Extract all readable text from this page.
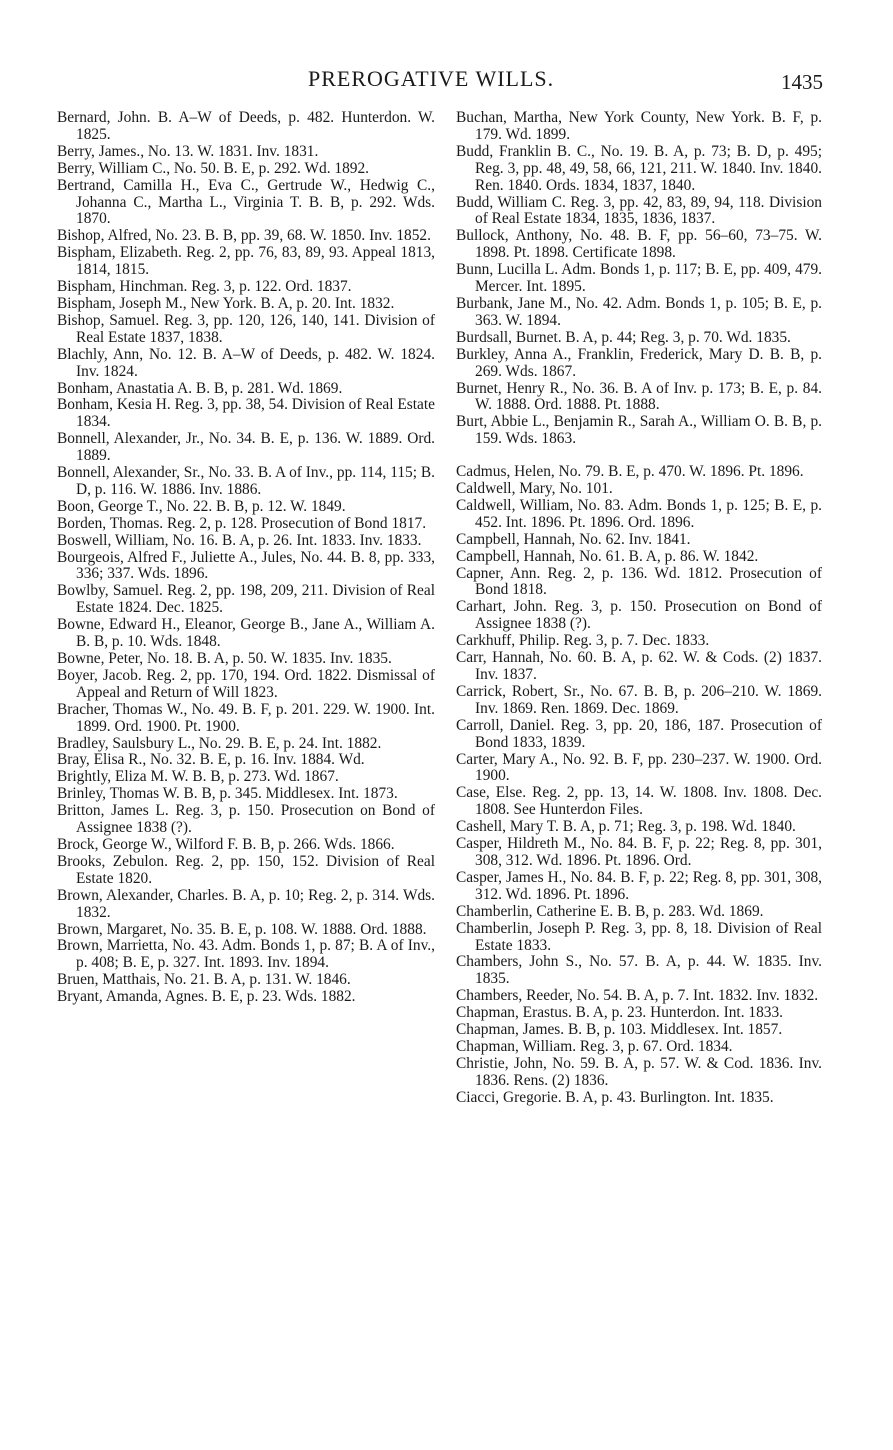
PREROGATIVE WILLS.	1435

Bernard, John. B. A–W of Deeds, p. 482. Hunterdon. W. 1825.

Berry, James., No. 13. W. 1831. Inv. 1831.

Berry, William C., No. 50. B. E, p. 292. Wd. 1892.

Bertrand, Camilla H., Eva C., Gertrude W., Hedwig C., Johanna C., Martha L., Virginia T. B. B, p. 292. Wds. 1870.

Bishop, Alfred, No. 23. B. B, pp. 39, 68. W. 1850. Inv. 1852.

Bispham, Elizabeth. Reg. 2, pp. 76, 83, 89, 93. Appeal 1813, 1814, 1815.

Bispham, Hinchman. Reg. 3, p. 122. Ord. 1837.

Bispham, Joseph M., New York. B. A, p. 20. Int. 1832.

Bishop, Samuel. Reg. 3, pp. 120, 126, 140, 141. Division of Real Estate 1837, 1838.

Blachly, Ann, No. 12. B. A–W of Deeds, p. 482. W. 1824. Inv. 1824.

Bonham, Anastatia A. B. B, p. 281. Wd. 1869.

Bonham, Kesia H. Reg. 3, pp. 38, 54. Division of Real Estate 1834.

Bonnell, Alexander, Jr., No. 34. B. E, p. 136. W. 1889. Ord. 1889.

Bonnell, Alexander, Sr., No. 33. B. A of Inv., pp. 114, 115; B. D, p. 116. W. 1886. Inv. 1886.

Boon, George T., No. 22. B. B, p. 12. W. 1849.

Borden, Thomas. Reg. 2, p. 128. Prosecution of Bond 1817.

Boswell, William, No. 16. B. A, p. 26. Int. 1833. Inv. 1833.

Bourgeois, Alfred F., Juliette A., Jules, No. 44. B. 8, pp. 333, 336; 337. Wds. 1896.

Bowlby, Samuel. Reg. 2, pp. 198, 209, 211. Division of Real Estate 1824. Dec. 1825.

Bowne, Edward H., Eleanor, George B., Jane A., William A. B. B, p. 10. Wds. 1848.

Bowne, Peter, No. 18. B. A, p. 50. W. 1835. Inv. 1835.

Boyer, Jacob. Reg. 2, pp. 170, 194. Ord. 1822. Dismissal of Appeal and Return of Will 1823.

Bracher, Thomas W., No. 49. B. F, p. 201. 229. W. 1900. Int. 1899. Ord. 1900. Pt. 1900.

Bradley, Saulsbury L., No. 29. B. E, p. 24. Int. 1882.

Bray, Elisa R., No. 32. B. E, p. 16. Inv. 1884. Wd.

Brightly, Eliza M. W. B. B, p. 273. Wd. 1867.

Brinley, Thomas W. B. B, p. 345. Middlesex. Int. 1873.

Britton, James L. Reg. 3, p. 150. Prosecution on Bond of Assignee 1838 (?).

Brock, George W., Wilford F. B. B, p. 266. Wds. 1866.

Brooks, Zebulon. Reg. 2, pp. 150, 152. Division of Real Estate 1820.

Brown, Alexander, Charles. B. A, p. 10; Reg. 2, p. 314. Wds. 1832.

Brown, Margaret, No. 35. B. E, p. 108. W. 1888. Ord. 1888.

Brown, Marrietta, No. 43. Adm. Bonds 1, p. 87; B. A of Inv., p. 408; B. E, p. 327. Int. 1893. Inv. 1894.

Bruen, Matthais, No. 21. B. A, p. 131. W. 1846.

Bryant, Amanda, Agnes. B. E, p. 23. Wds. 1882.

Buchan, Martha, New York County, New York. B. F, p. 179. Wd. 1899.

Budd, Franklin B. C., No. 19. B. A, p. 73; B. D, p. 495; Reg. 3, pp. 48, 49, 58, 66, 121, 211. W. 1840. Inv. 1840. Ren. 1840. Ords. 1834, 1837, 1840.

Budd, William C. Reg. 3, pp. 42, 83, 89, 94, 118. Division of Real Estate 1834, 1835, 1836, 1837.

Bullock, Anthony, No. 48. B. F, pp. 56–60, 73–75. W. 1898. Pt. 1898. Certificate 1898.

Bunn, Lucilla L. Adm. Bonds 1, p. 117; B. E, pp. 409, 479. Mercer. Int. 1895.

Burbank, Jane M., No. 42. Adm. Bonds 1, p. 105; B. E, p. 363. W. 1894.

Burdsall, Burnet. B. A, p. 44; Reg. 3, p. 70. Wd. 1835.

Burkley, Anna A., Franklin, Frederick, Mary D. B. B, p. 269. Wds. 1867.

Burnet, Henry R., No. 36. B. A of Inv. p. 173; B. E, p. 84. W. 1888. Ord. 1888. Pt. 1888.

Burt, Abbie L., Benjamin R., Sarah A., William O. B. B, p. 159. Wds. 1863.

Cadmus, Helen, No. 79. B. E, p. 470. W. 1896. Pt. 1896.

Caldwell, Mary, No. 101.

Caldwell, William, No. 83. Adm. Bonds 1, p. 125; B. E, p. 452. Int. 1896. Pt. 1896. Ord. 1896.

Campbell, Hannah, No. 62. Inv. 1841.

Campbell, Hannah, No. 61. B. A, p. 86. W. 1842.

Capner, Ann. Reg. 2, p. 136. Wd. 1812. Prosecution of Bond 1818.

Carhart, John. Reg. 3, p. 150. Prosecution on Bond of Assignee 1838 (?).

Carkhuff, Philip. Reg. 3, p. 7. Dec. 1833.

Carr, Hannah, No. 60. B. A, p. 62. W. & Cods. (2) 1837. Inv. 1837.

Carrick, Robert, Sr., No. 67. B. B, p. 206–210. W. 1869. Inv. 1869. Ren. 1869. Dec. 1869.

Carroll, Daniel. Reg. 3, pp. 20, 186, 187. Prosecution of Bond 1833, 1839.

Carter, Mary A., No. 92. B. F, pp. 230–237. W. 1900. Ord. 1900.

Case, Else. Reg. 2, pp. 13, 14. W. 1808. Inv. 1808. Dec. 1808. See Hunterdon Files.

Cashell, Mary T. B. A, p. 71; Reg. 3, p. 198. Wd. 1840.

Casper, Hildreth M., No. 84. B. F, p. 22; Reg. 8, pp. 301, 308, 312. Wd. 1896. Pt. 1896. Ord.

Casper, James H., No. 84. B. F, p. 22; Reg. 8, pp. 301, 308, 312. Wd. 1896. Pt. 1896.

Chamberlin, Catherine E. B. B, p. 283. Wd. 1869.

Chamberlin, Joseph P. Reg. 3, pp. 8, 18. Division of Real Estate 1833.

Chambers, John S., No. 57. B. A, p. 44. W. 1835. Inv. 1835.

Chambers, Reeder, No. 54. B. A, p. 7. Int. 1832. Inv. 1832.

Chapman, Erastus. B. A, p. 23. Hunterdon. Int. 1833.

Chapman, James. B. B, p. 103. Middlesex. Int. 1857.

Chapman, William. Reg. 3, p. 67. Ord. 1834.

Christie, John, No. 59. B. A, p. 57. W. & Cod. 1836. Inv. 1836. Rens. (2) 1836.

Ciacci, Gregorie. B. A, p. 43. Burlington. Int. 1835.
